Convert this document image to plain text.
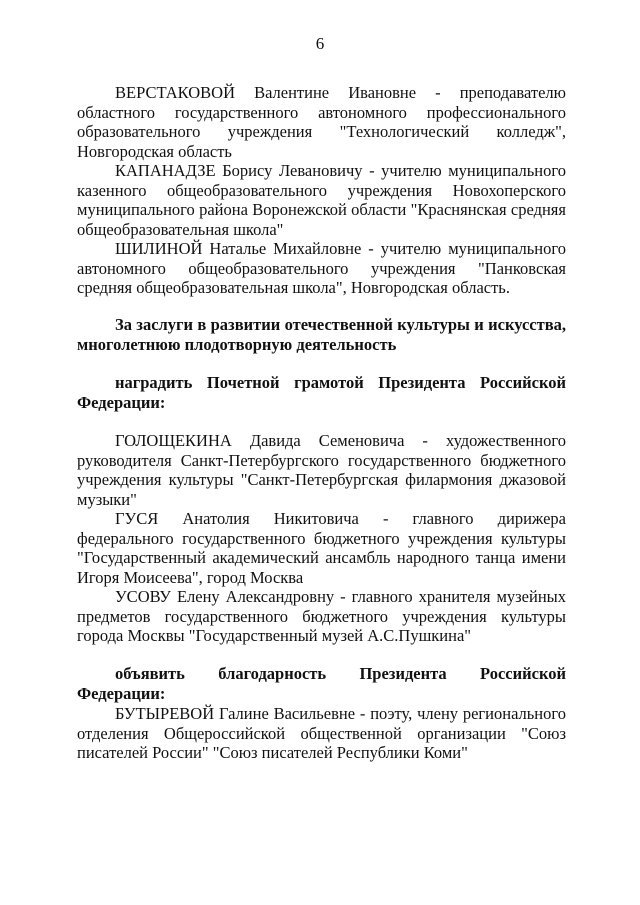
6
ВЕРСТАКОВОЙ Валентине Ивановне - преподавателю областного государственного автономного профессионального образовательного учреждения "Технологический колледж", Новгородская область
КАПАНАДЗЕ Борису Левановичу - учителю муниципального казенного общеобразовательного учреждения Новохоперского муниципального района Воронежской области "Краснянская средняя общеобразовательная школа"
ШИЛИНОЙ Наталье Михайловне - учителю муниципального автономного общеобразовательного учреждения "Панковская средняя общеобразовательная школа", Новгородская область.
За заслуги в развитии отечественной культуры и искусства, многолетнюю плодотворную деятельность
наградить Почетной грамотой Президента Российской Федерации:
ГОЛОЩЕКИНА Давида Семеновича - художественного руководителя Санкт-Петербургского государственного бюджетного учреждения культуры "Санкт-Петербургская филармония джазовой музыки"
ГУСЯ Анатолия Никитовича - главного дирижера федерального государственного бюджетного учреждения культуры "Государственный академический ансамбль народного танца имени Игоря Моисеева", город Москва
УСОВУ Елену Александровну - главного хранителя музейных предметов государственного бюджетного учреждения культуры города Москвы "Государственный музей А.С.Пушкина"
объявить благодарность Президента Российской Федерации:
БУТЫРЕВОЙ Галине Васильевне - поэту, члену регионального отделения Общероссийской общественной организации "Союз писателей России" "Союз писателей Республики Коми"
